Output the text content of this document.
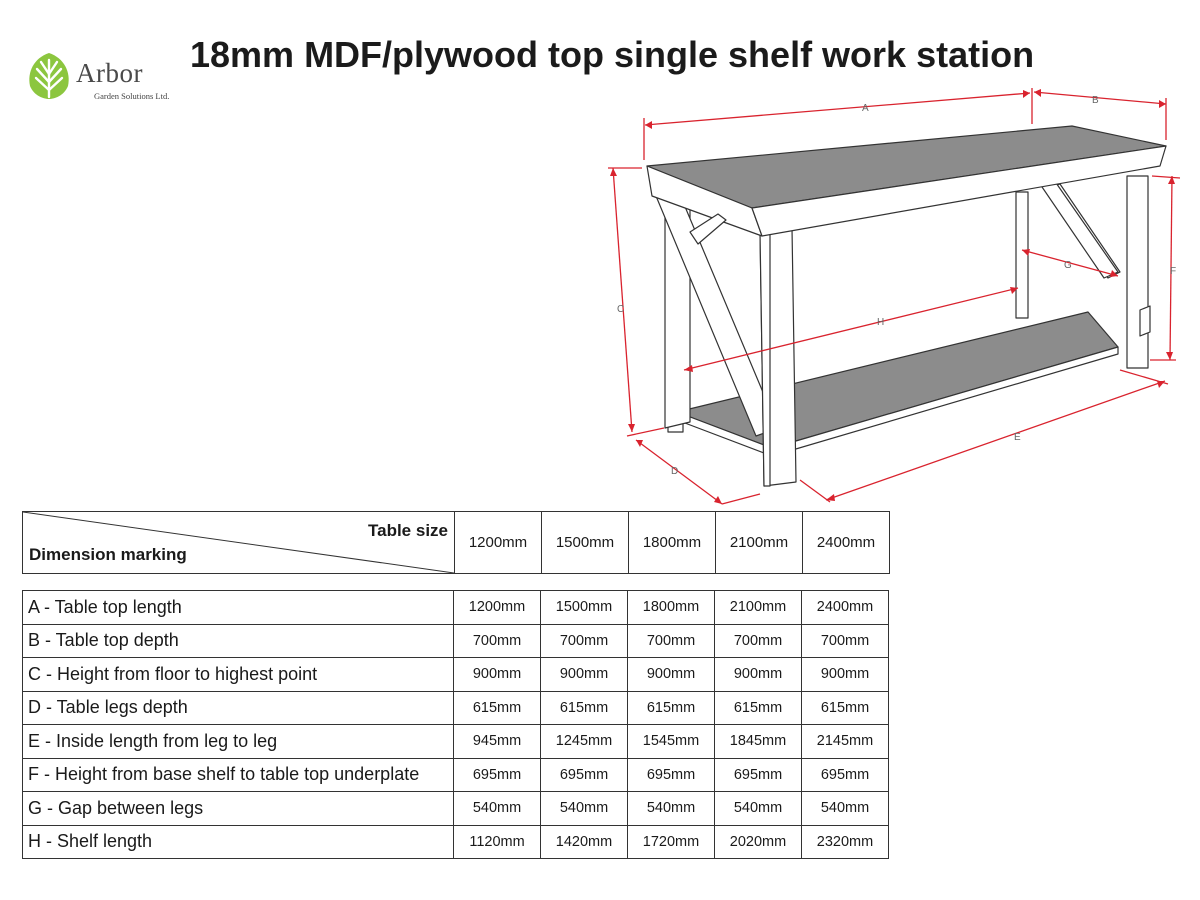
Arbor
Garden Solutions Ltd.
18mm MDF/plywood top single shelf work station
A
B
C
D
E
F
G
H
Table size
Dimension marking
	1200mm	1500mm	1800mm	2100mm	2400mm
A - Table top length	1200mm	1500mm	1800mm	2100mm	2400mm
B - Table top depth	700mm	700mm	700mm	700mm	700mm
C - Height from floor to highest point	900mm	900mm	900mm	900mm	900mm
D - Table legs depth	615mm	615mm	615mm	615mm	615mm
E - Inside length from leg to leg	945mm	1245mm	1545mm	1845mm	2145mm
F - Height from base shelf to table top underplate	695mm	695mm	695mm	695mm	695mm
G - Gap between legs	540mm	540mm	540mm	540mm	540mm
H - Shelf length	1120mm	1420mm	1720mm	2020mm	2320mm
